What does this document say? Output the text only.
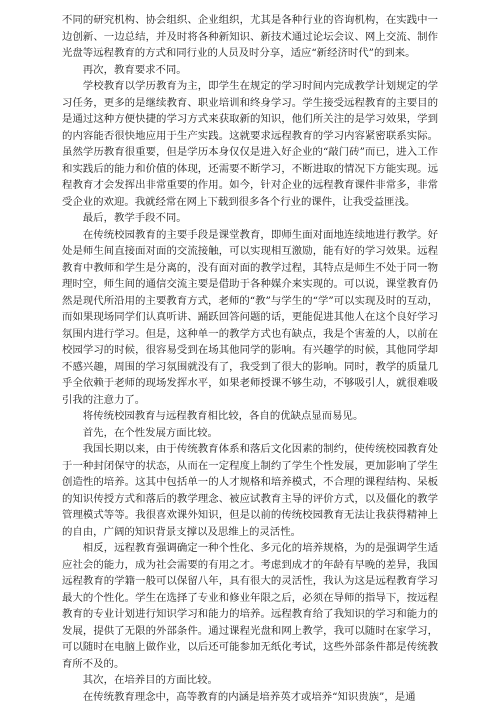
不同的研究机构、协会组织、企业组织，尤其是各种行业的咨询机构，在实践中一边创新、一边总结，并及时将各种新知识、新技术通过论坛会议、网上交流、制作光盘等远程教育的方式和同行业的人员及时分享，适应“新经济时代”的到来。

再次，教育要求不同。

学校教育以学历教育为主，即学生在规定的学习时间内完成教学计划规定的学习任务，更多的是继续教育、职业培训和终身学习。学生接受远程教育的主要目的是通过这种方便快捷的学习方式来获取新的知识，他们所关注的是学习效果，学到的内容能否很快地应用于生产实践。这就要求远程教育的学习内容紧密联系实际。虽然学历教育很重要，但是学历本身仅仅是进入好企业的“敲门砖”而已，进入工作和实践后的能力和价值的体现，还需要不断学习，不断进取的情况下方能实现。远程教育才会发挥出非常重要的作用。如今，针对企业的远程教育课件非常多，非常受企业的欢迎。我就经常在网上下载到很多各个行业的课件，让我受益匪浅。

最后，教学手段不同。

在传统校园教育的主要手段是课堂教育，即师生面对面地连续地进行教学。好处是师生间直接面对面的交流接触，可以实现相互激励，能有好的学习效果。远程教育中教师和学生是分离的，没有面对面的教学过程，其特点是师生不处于同一物理时空，师生间的通信交流主要是借助于各种媒介来实现的。可以说，课堂教育仍然是现代所沿用的主要教育方式，老师的“教”与学生的“学”可以实现及时的互动，而如果现场同学们认真听讲、踊跃回答问题的话，更能促进其他人在这个良好学习氛围内进行学习。但是，这种单一的教学方式也有缺点，我是个害羞的人，以前在校园学习的时候，很容易受到在场其他同学的影响。有兴趣学的时候，其他同学却不感兴趣，周围的学习氛围就没有了，我受到了很大的影响。同时，教学的质量几乎全依赖于老师的现场发挥水平，如果老师授课不够生动，不够吸引人，就很难吸引我的注意力了。

将传统校园教育与远程教育相比较，各自的优缺点显而易见。

首先，在个性发展方面比较。

我国长期以来，由于传统教育体系和落后文化因素的制约，使传统校园教育处于一种封闭保守的状态，从而在一定程度上制约了学生个性发展，更加影响了学生创造性的培养。这其中包括单一的人才规格和培养模式，不合理的课程结构、呆板的知识传授方式和落后的教学理念、被应试教育主导的评价方式，以及僵化的教学管理模式等等。我很喜欢课外知识，但是以前的传统校园教育无法让我获得精神上的自由，广阔的知识背景支撑以及思维上的灵活性。

相反，远程教育强调确定一种个性化、多元化的培养规格，为的是强调学生适应社会的能力，成为社会需要的有用之才。考虑到成才的年龄有早晚的差异，我国远程教育的学籍一般可以保留八年，具有很大的灵活性，我认为这是远程教育学习最大的个性化。学生在选择了专业和修业年限之后，必须在导师的指导下，按远程教育的专业计划进行知识学习和能力的培养。远程教育给了我知识的学习和能力的发展，提供了无限的外部条件。通过课程光盘和网上教学，我可以随时在家学习，可以随时在电脑上做作业，以后还可能参加无纸化考试，这些外部条件都是传统教育所不及的。

其次，在培养目的方面比较。

在传统教育理念中，高等教育的内涵是培养英才或培养“知识贵族”，是通
